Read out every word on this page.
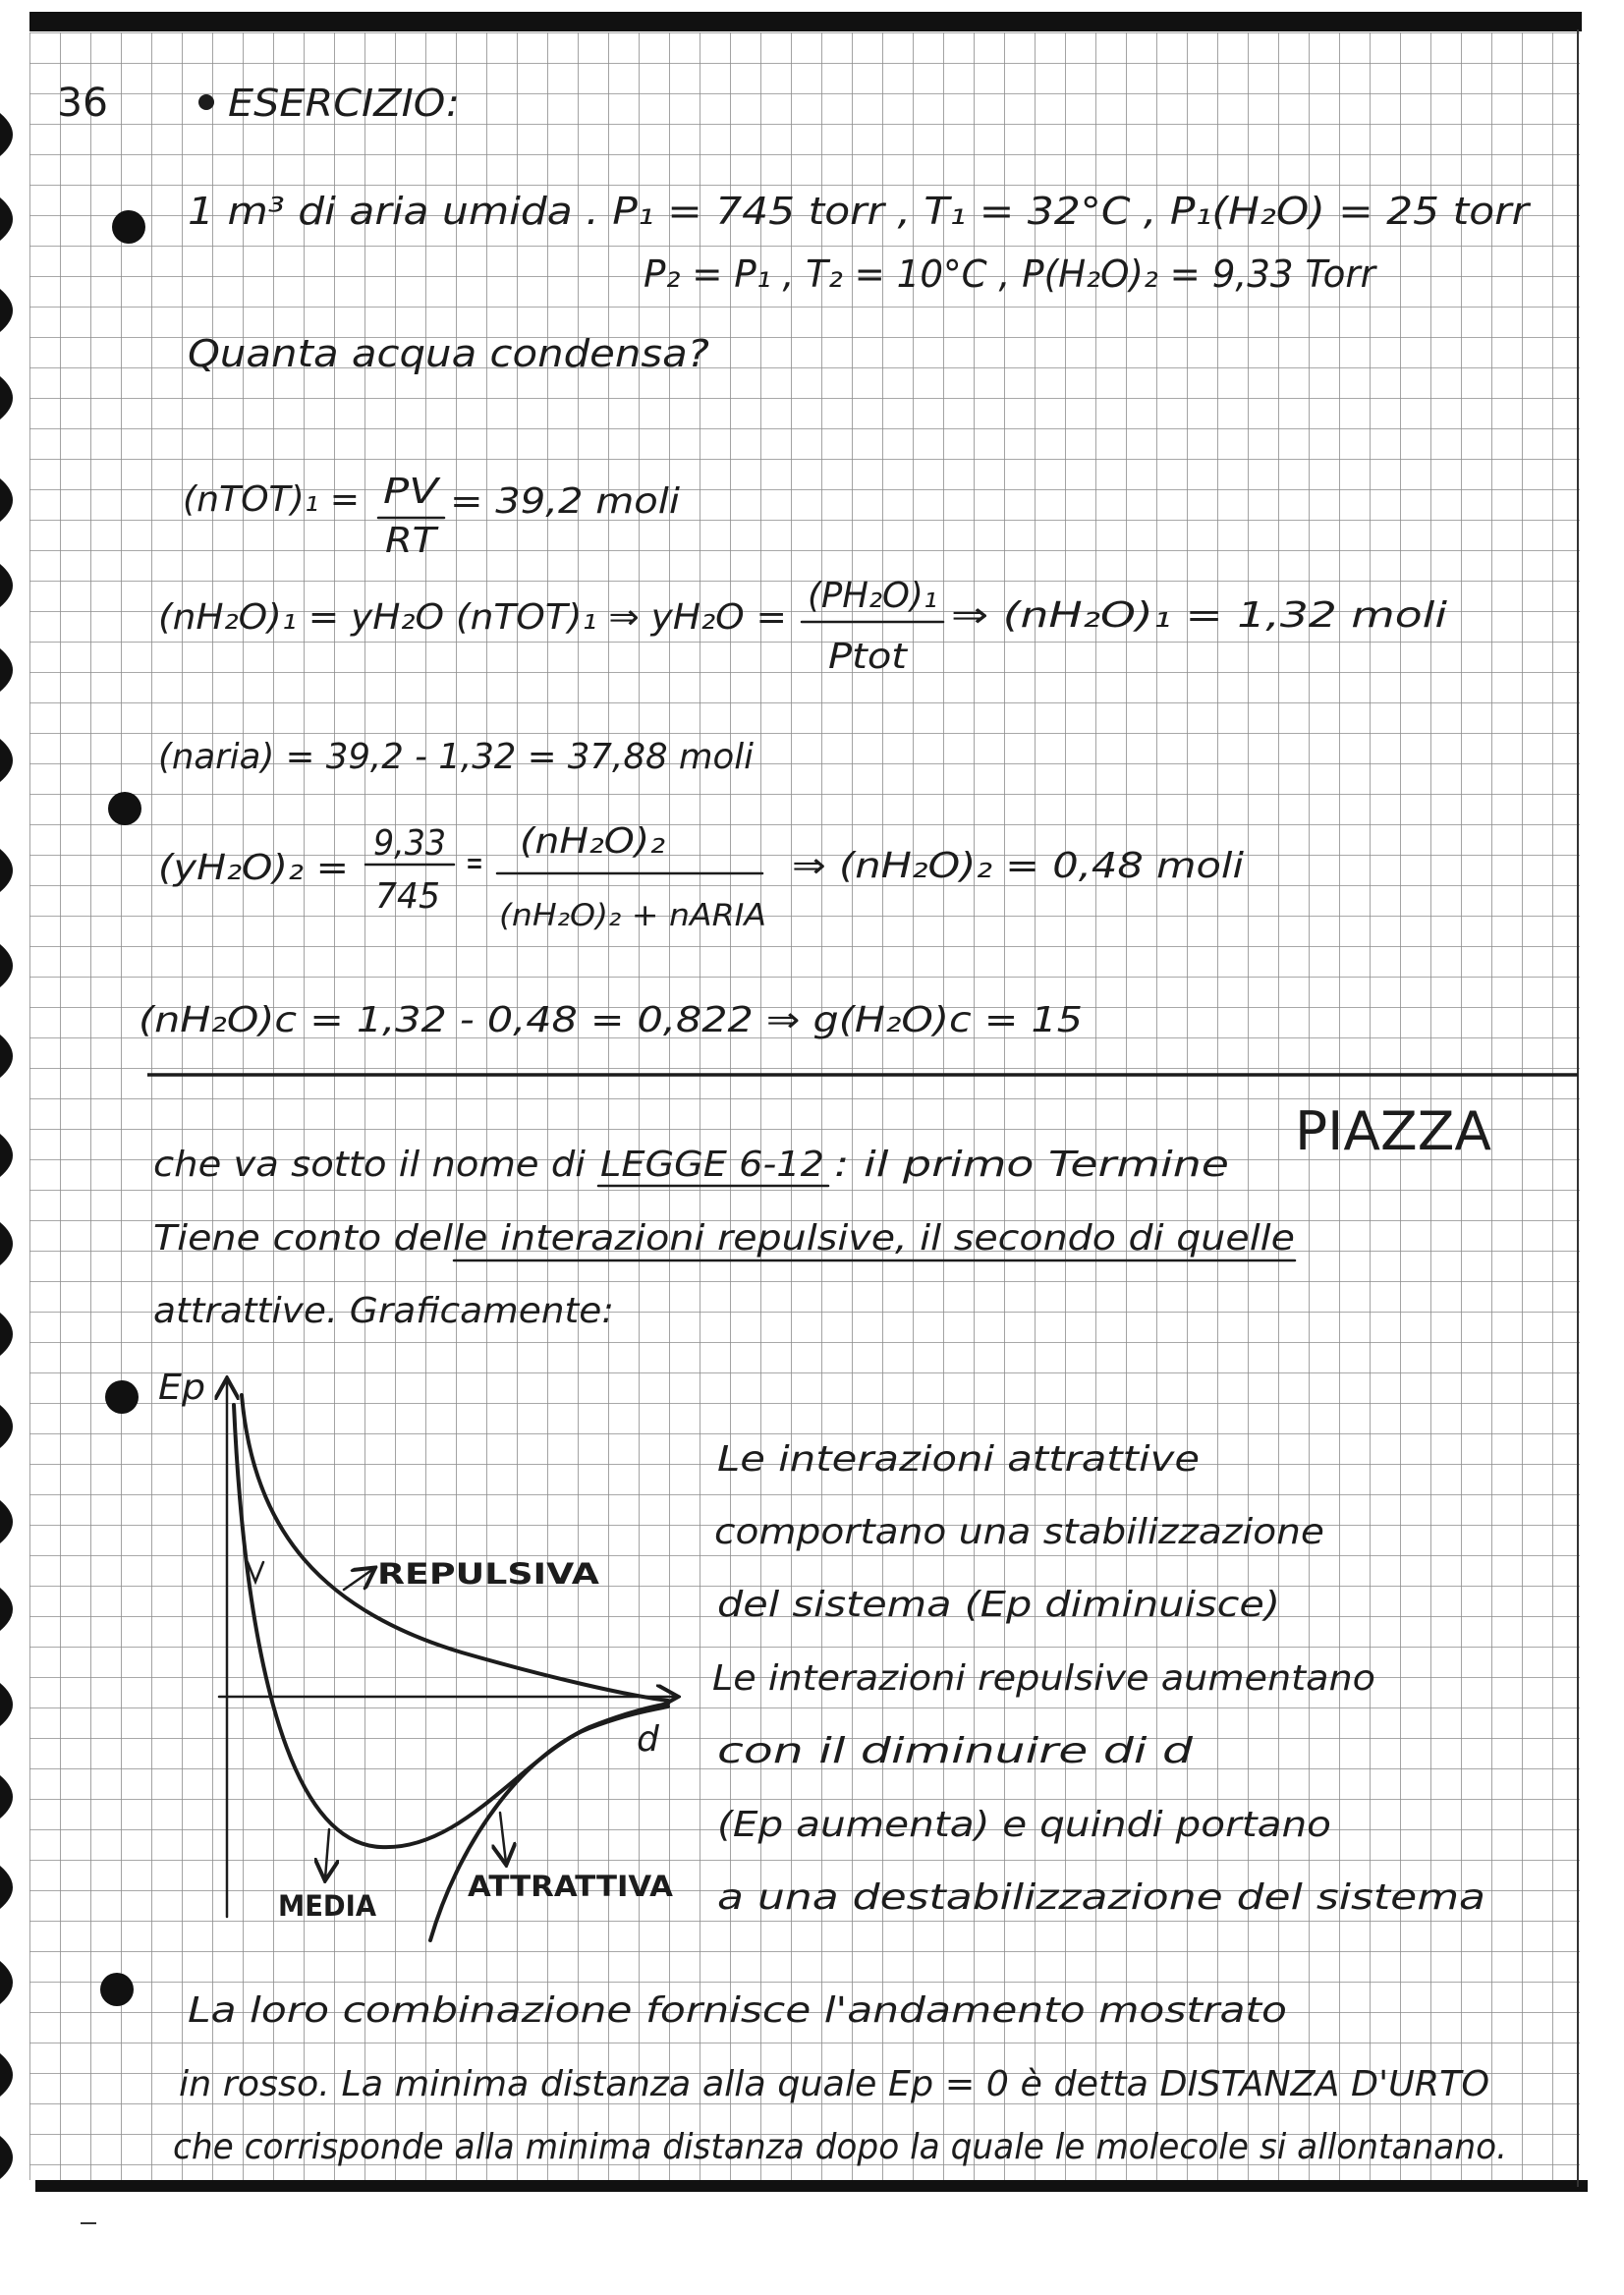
36	ESERCIZIO:
1 m³ di aria umida . P₁ = 745 torr , T₁ = 32°C , P₁(H₂O) = 25 torr
P₂ = P₁ , T₂ = 10°C , P(H₂O)₂ = 9,33 Torr
Quanta acqua condensa?
(nTOT)₁ = PV
RT
= 39,2 moli
(nH₂O)₁ = yH₂O (nTOT)₁ ⇒ yH₂O =
(PH₂O)₁
Ptot
⇒ (nH₂O)₁ = 1,32 moli
(naria) = 39,2 - 1,32 = 37,88 moli
(yH₂O)₂ =
9,33
745
=
(nH₂O)₂
(nH₂O)₂ + nARIA
⇒ (nH₂O)₂ = 0,48 moli
(nH₂O)c = 1,32 - 0,48 = 0,822 ⇒ g(H₂O)c = 15
PIAZZA
che va sotto il nome di LEGGE 6-12 : il primo Termine
Tiene conto delle interazioni repulsive, il secondo di quelle
attrattive. Graficamente:
Ep
d
REPULSIVA
MEDIA
ATTRATTIVA
Le interazioni attrattive
comportano una stabilizzazione
del sistema (Ep diminuisce)
Le interazioni repulsive aumentano
con il diminuire di d
(Ep aumenta) e quindi portano
a una destabilizzazione del sistema
La loro combinazione fornisce l'andamento mostrato
in rosso. La minima distanza alla quale Ep = 0 è detta DISTANZA D'URTO
che corrisponde alla minima distanza dopo la quale le molecole si allontanano.
